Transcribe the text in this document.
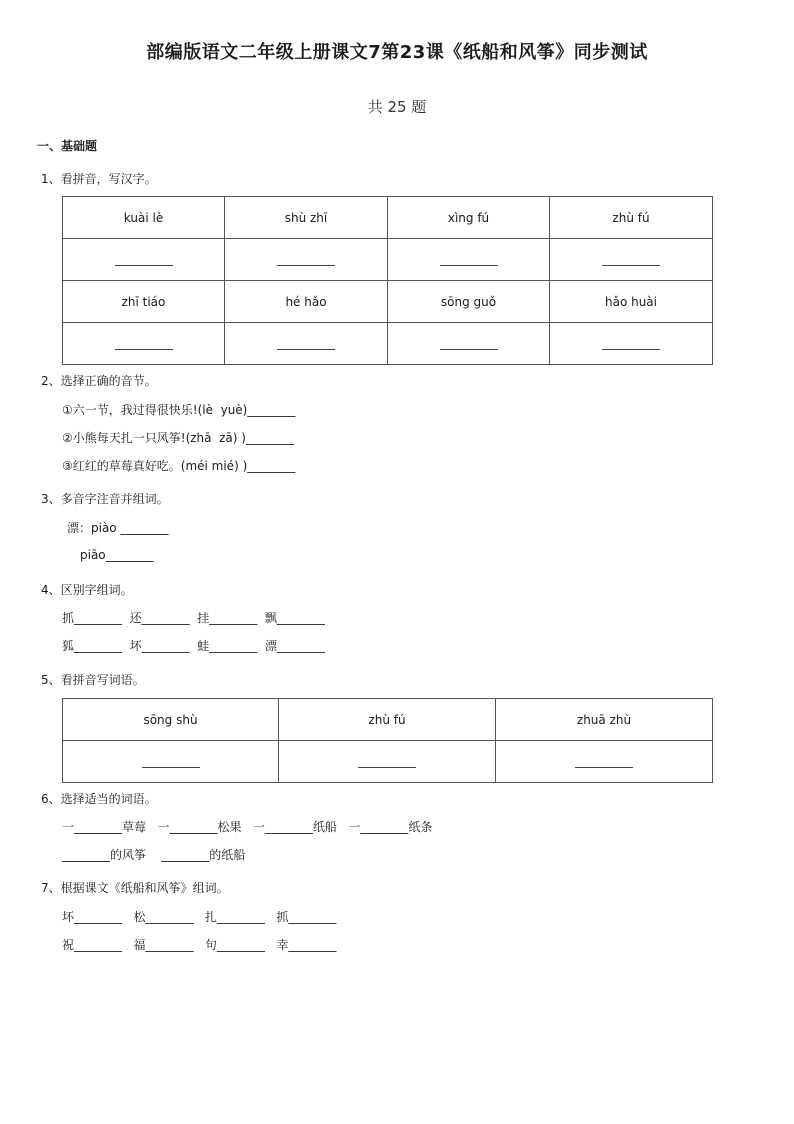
部编版语文二年级上册课文7第23课《纸船和风筝》同步测试
共 25 题
一、基础题
1、看拼音，写汉字。
kuài lè	shù zhī	xìng fú	zhù fú

zhī tiáo	hé hǎo	sōng guǒ	hǎo huài

2、选择正确的音节。
①六一节，我过得很快乐!(lè  yuè)________
②小熊每天扎一只风筝!(zhā  zā) )________
③红红的草莓真好吃。(méi mié) )________
3、多音字注音并组词。
漂：piào ________
piāo________
4、区别字组词。
抓________  还________  挂________  飘________
狐________  坏________  蛙________  漂________
5、看拼音写词语。
sōng shù	zhù fú	zhuā zhù

6、选择适当的词语。
一________草莓   一________松果   一________纸船   一________纸条
________的风筝    ________的纸船
7、根据课文《纸船和风筝》组词。
坏________   松________   扎________   抓________
祝________   福________   句________   幸________
